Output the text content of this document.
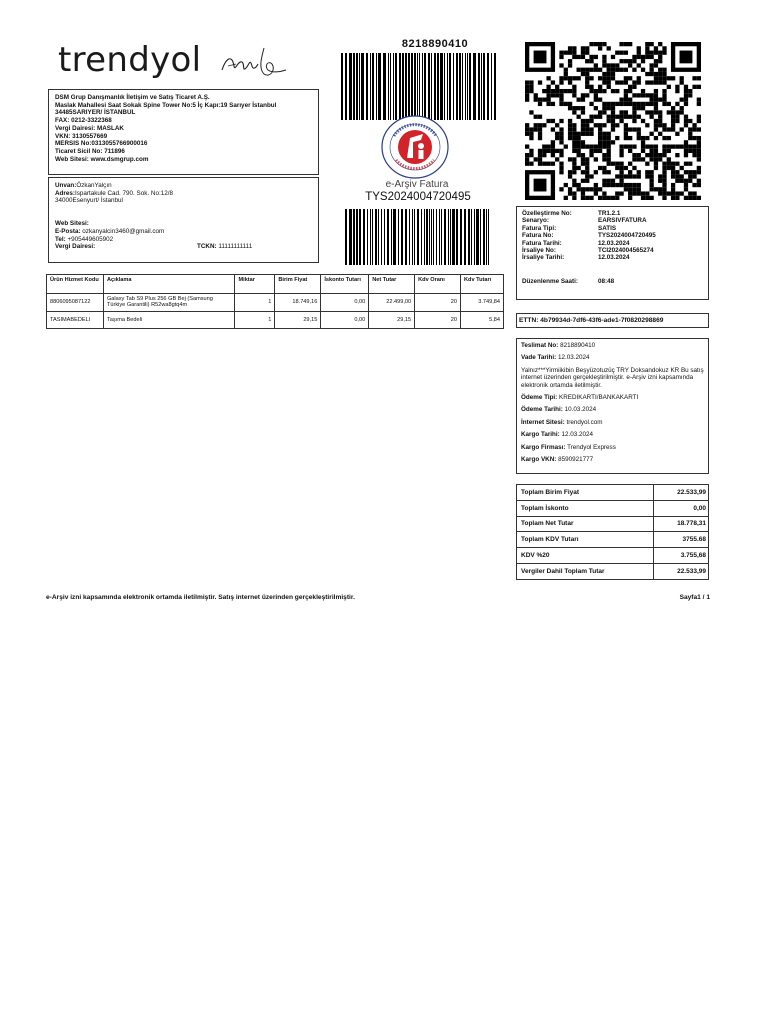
trendyol
DSM Grup Danışmanlık İletişim ve Satış Ticaret A.Ş.
Maslak Mahallesi Saat Sokak Spine Tower No:5 İç Kapı:19 Sarıyer İstanbul
34485SARIYER/ İSTANBUL
FAX: 0212-3322368
Vergi Dairesi: MASLAK
VKN: 3130557669
MERSIS No:0313055766900016
Ticaret Sicil No: 711896
Web Sitesi: www.dsmgrup.com
Unvan:ÖzkanYalçın
Adres:Ispartakule Cad. 790. Sok. No:12/8
34000Esenyurt/ İstanbul
Web Sitesi:
E-Posta: ozkanyalcin3460@gmail.com
Tel: +905449605902
Vergi Dairesi:	TCKN: 11111111111
8218890410
e-Arşiv Fatura
TYS2024004720495
Özelleştirme No:	TR1.2.1
Senaryo:	EARSIVFATURA
Fatura Tipi:	SATIS
Fatura No:	TYS2024004720495
Fatura Tarihi:	12.03.2024
İrsaliye No:	TCI2024004565274
İrsaliye Tarihi:	12.03.2024

Düzenlenme Saati:	08:48
ETTN: 4b79934d-7df6-43f6-ade1-7f0820298869
Ürün Hizmet Kodu	Açıklama	Miktar	Birim Fiyat	İskonto Tutarı	Net Tutar	Kdv Oranı	Kdv Tutarı
8806095087122	Galaxy Tab S9 Plus 256 GB Bej (Samsung Türkiye Garantili) R52wa8gtq4m	1	18.749,16	0,00	22.499,00	20	3.749,84
TASIMABEDELI	Taşıma Bedeli	1	29,15	0,00	29,15	20	5,84
Teslimat No: 8218890410
Vade Tarihi: 12.03.2024
Yalnız***Yirmiikibin Beşyüzotuzüç TRY Doksandokuz KR Bu satış internet üzerinden gerçekleştirilmiştir. e-Arşiv izni kapsamında elektronik ortamda iletilmiştir.
Ödeme Tipi: KREDIKARTI/BANKAKARTI
Ödeme Tarihi: 10.03.2024
İnternet Sitesi: trendyol.com
Kargo Tarihi: 12.03.2024
Kargo Firması: Trendyol Express
Kargo VKN: 8590921777
Toplam Birim Fiyat	22.533,99
Toplam İskonto	0,00
Toplam Net Tutar	18.778,31
Toplam KDV Tutarı	3755.68
KDV %20	3.755,68
Vergiler Dahil Toplam Tutar	22.533,99
e-Arşiv izni kapsamında elektronik ortamda iletilmiştir. Satış internet üzerinden gerçekleştirilmiştir.	Sayfa1 / 1
